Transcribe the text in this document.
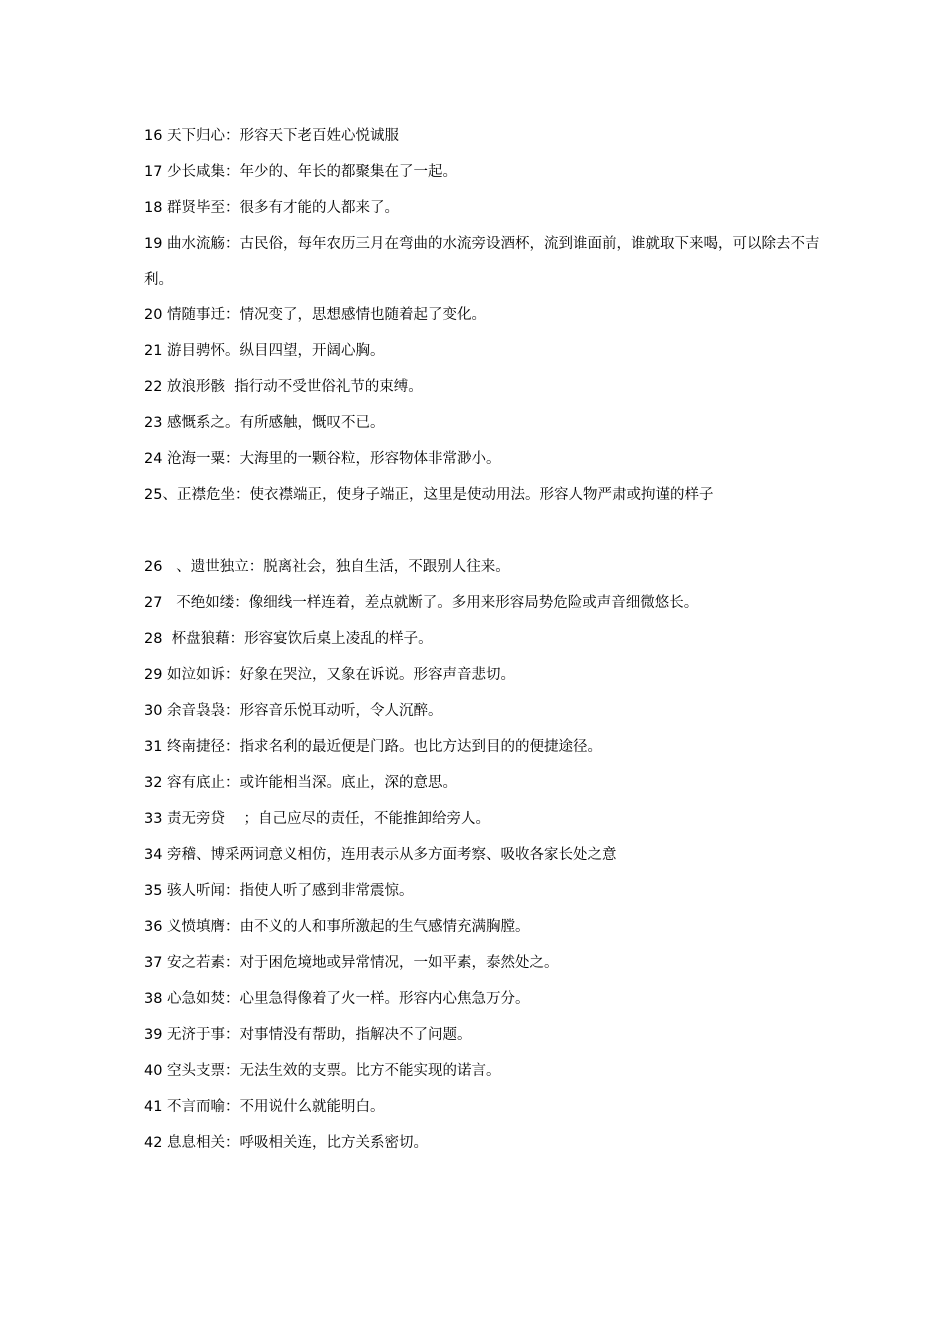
16 天下归心：形容天下老百姓心悦诚服

17 少长咸集：年少的、年长的都聚集在了一起。

18 群贤毕至：很多有才能的人都来了。

19 曲水流觞：古民俗，每年农历三月在弯曲的水流旁设酒杯，流到谁面前，谁就取下来喝，可以除去不吉利。

20 情随事迁：情况变了，思想感情也随着起了变化。

21 游目骋怀。纵目四望，开阔心胸。

22 放浪形骸  指行动不受世俗礼节的束缚。

23 感慨系之。有所感触，慨叹不已。

24 沧海一粟：大海里的一颗谷粒，形容物体非常渺小。

25、正襟危坐：使衣襟端正，使身子端正，这里是使动用法。形容人物严肃或拘谨的样子

26   、遗世独立：脱离社会，独自生活，不跟别人往来。

27   不绝如缕：像细线一样连着，差点就断了。多用来形容局势危险或声音细微悠长。

28  杯盘狼藉：形容宴饮后桌上凌乱的样子。

29 如泣如诉：好象在哭泣，又象在诉说。形容声音悲切。

30 余音袅袅：形容音乐悦耳动听，令人沉醉。

31 终南捷径：指求名利的最近便是门路。也比方达到目的的便捷途径。

32 容有底止：或许能相当深。底止，深的意思。

33 责无旁贷    ；自己应尽的责任，不能推卸给旁人。

34 旁稽、博采两词意义相仿，连用表示从多方面考察、吸收各家长处之意

35 骇人听闻：指使人听了感到非常震惊。

36 义愤填膺：由不义的人和事所激起的生气感情充满胸膛。

37 安之若素：对于困危境地或异常情况，一如平素，泰然处之。

38 心急如焚：心里急得像着了火一样。形容内心焦急万分。

39 无济于事：对事情没有帮助，指解决不了问题。

40 空头支票：无法生效的支票。比方不能实现的诺言。

41 不言而喻：不用说什么就能明白。

42 息息相关：呼吸相关连，比方关系密切。
